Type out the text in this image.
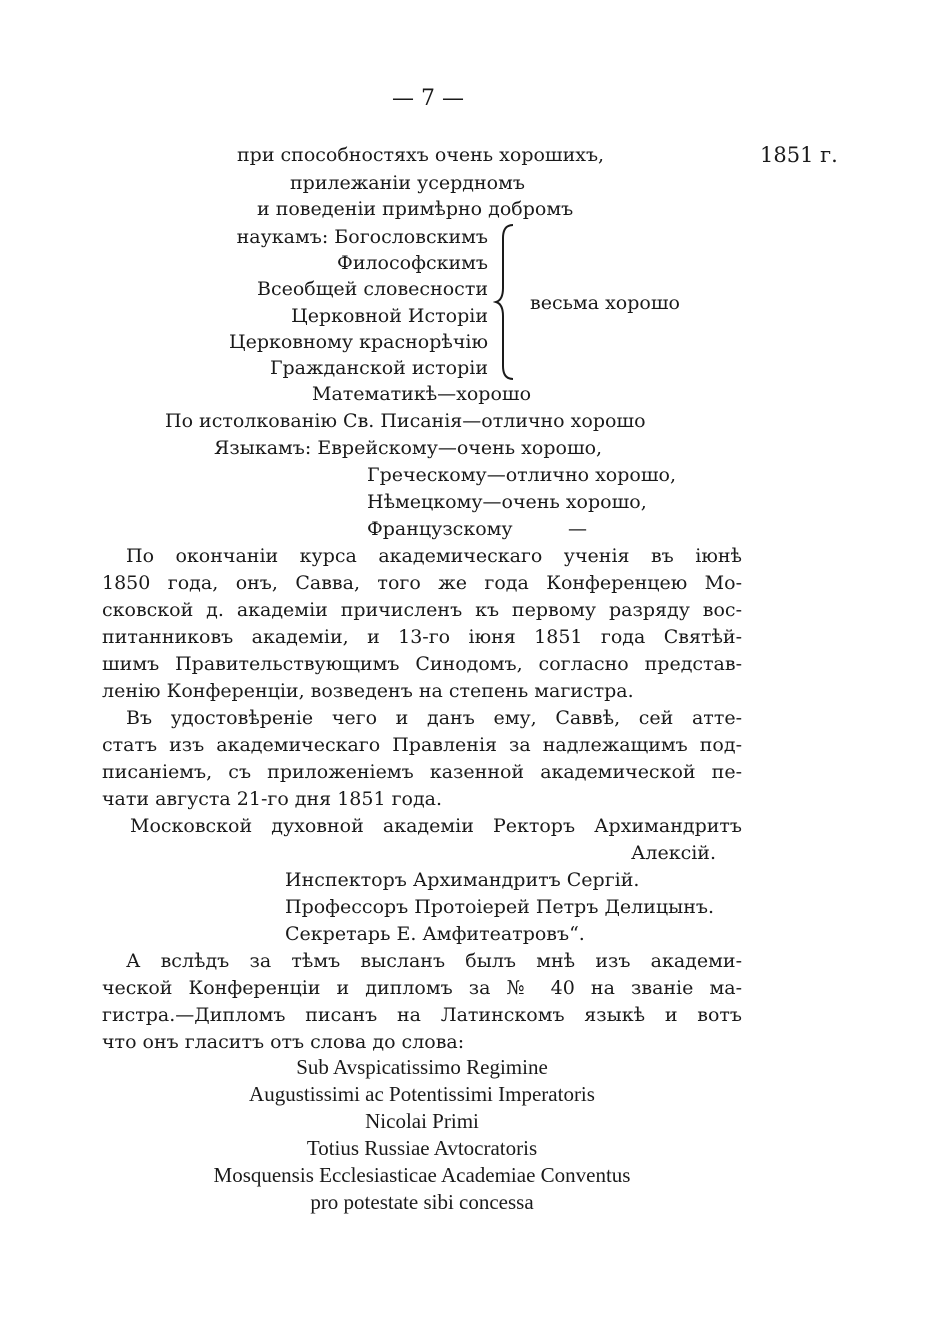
— 7 —
при способностяхъ очень хорошихъ,	1851 г.
прилежаніи усердномъ
и поведеніи примѣрно добромъ
наукамъ: Богословскимъ
Философскимъ
Всеобщей словесности
Церковной Исторіи
Церковному краснорѣчію
Гражданской исторіи
весьма хорошо
Математикѣ—хорошо
По истолкованію Св. Писанія—отлично хорошо
Языкамъ: Еврейскому—очень хорошо,
Греческому—отлично хорошо,
Нѣмецкому—очень хорошо,
Французскому	—
По окончаніи курса академическаго ученія въ іюнѣ
1850 года, онъ, Савва, того же года Конференцею Мо-
сковской д. академіи причисленъ къ первому разряду вос-
питанниковъ академіи, и 13-го іюня 1851 года Святѣй-
шимъ Правительствующимъ Синодомъ, согласно представ-
ленію Конференціи, возведенъ на степень магистра.
Въ удостовѣреніе чего и данъ ему, Саввѣ, сей атте-
статъ изъ академическаго Правленія за надлежащимъ под-
писаніемъ, съ приложеніемъ казенной академической пе-
чати августа 21-го дня 1851 года.
Московской духовной академіи Ректоръ Архимандритъ
Алексій.
Инспекторъ Архимандритъ Сергій.
Профессоръ Протоіерей Петръ Делицынъ.
Секретарь Е. Амфитеатровъ“.
А вслѣдъ за тѣмъ высланъ былъ мнѣ изъ академи-
ческой Конференціи и дипломъ за № 40 на званіе ма-
гистра.—Дипломъ писанъ на Латинскомъ языкѣ и вотъ
что онъ гласитъ отъ слова до слова:
Sub Avspicatissimo Regimine
Augustissimi ac Potentissimi Imperatoris
Nicolai Primi
Totius Russiae Avtocratoris
Mosquensis Ecclesiasticae Academiae Conventus
pro potestate sibi concessa
